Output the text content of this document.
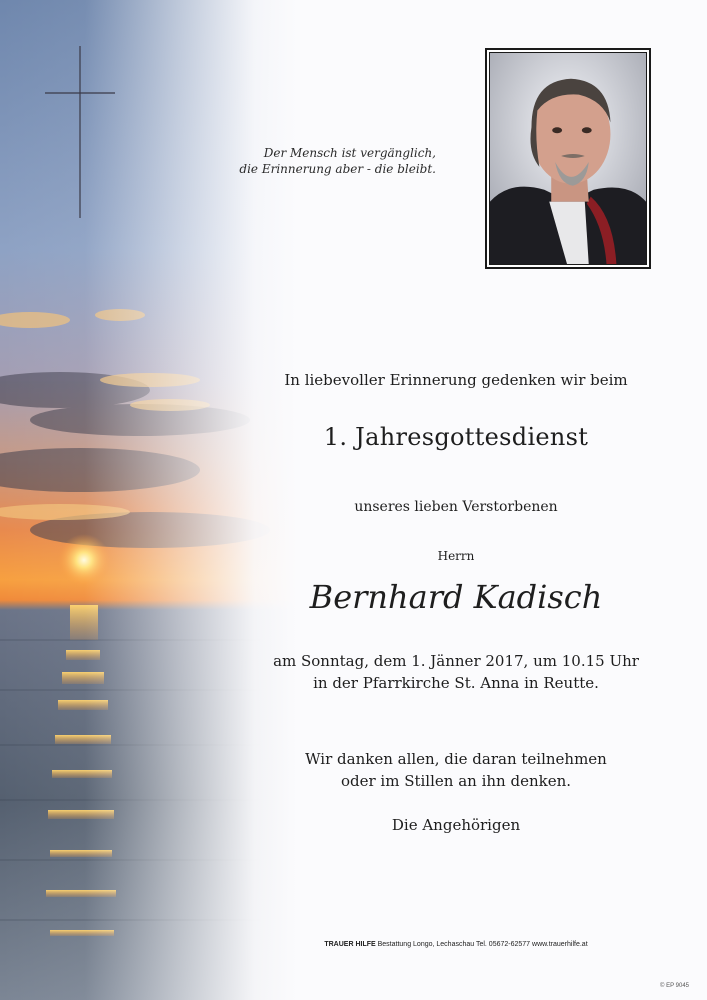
Der Mensch ist vergänglich,
die Erinnerung aber - die bleibt.
In liebevoller Erinnerung gedenken wir beim
1. Jahresgottesdienst
unseres lieben Verstorbenen
Herrn
Bernhard Kadisch
am Sonntag, dem 1. Jänner 2017, um 10.15 Uhr
in der Pfarrkirche St. Anna in Reutte.
Wir danken allen, die daran teilnehmen
oder im Stillen an ihn denken.
Die Angehörigen
TRAUER HILFE Bestattung Longo, Lechaschau Tel. 05672-62577 www.trauerhilfe.at
© EP 9045
